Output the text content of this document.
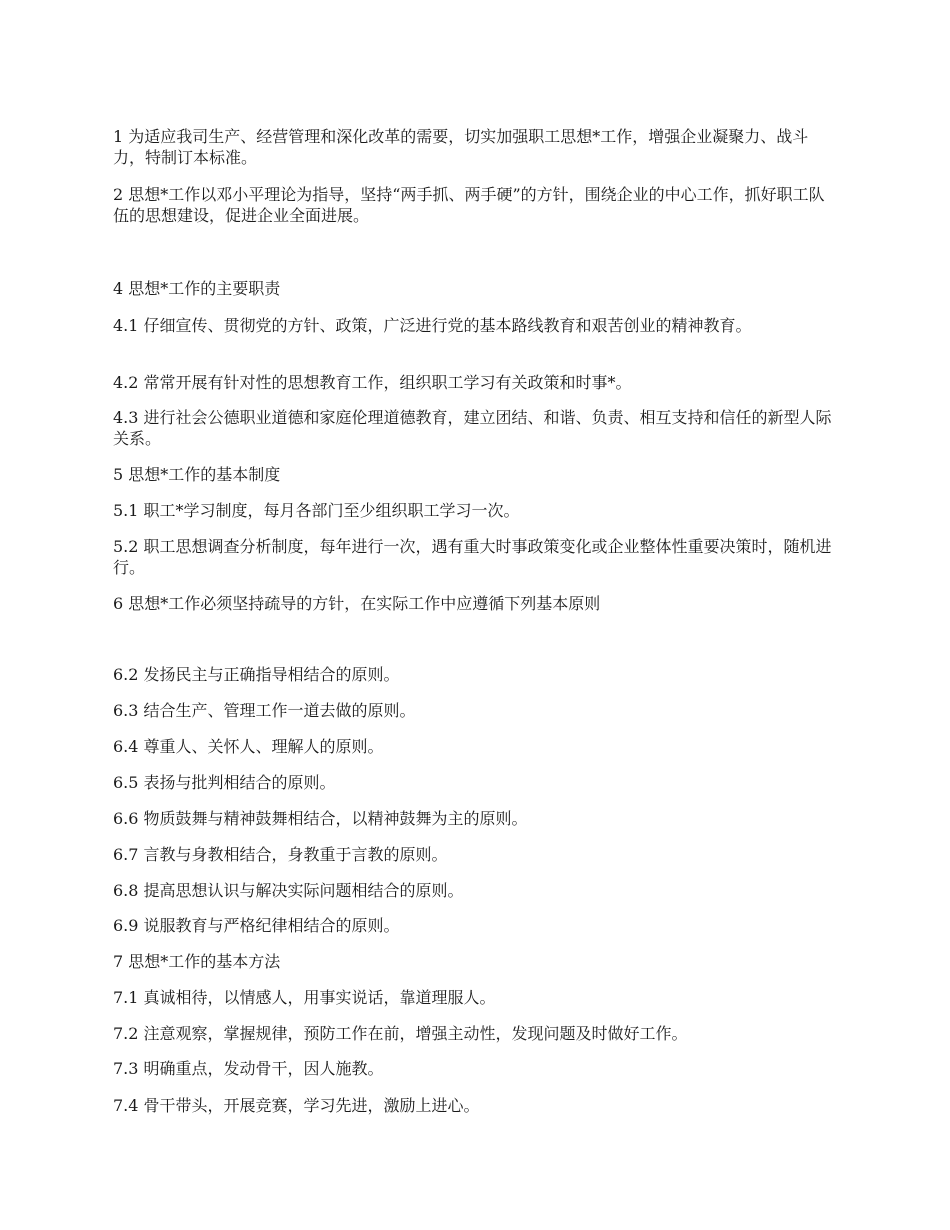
1 为适应我司生产、经营管理和深化改革的需要，切实加强职工思想*工作，增强企业凝聚力、战斗力，特制订本标准。

2 思想*工作以邓小平理论为指导，坚持“两手抓、两手硬”的方针，围绕企业的中心工作，抓好职工队伍的思想建设，促进企业全面进展。

4 思想*工作的主要职责

4.1 仔细宣传、贯彻党的方针、政策，广泛进行党的基本路线教育和艰苦创业的精神教育。

4.2 常常开展有针对性的思想教育工作，组织职工学习有关政策和时事*。

4.3 进行社会公德职业道德和家庭伦理道德教育，建立团结、和谐、负责、相互支持和信任的新型人际关系。

5 思想*工作的基本制度

5.1 职工*学习制度，每月各部门至少组织职工学习一次。

5.2 职工思想调查分析制度，每年进行一次，遇有重大时事政策变化或企业整体性重要决策时，随机进行。

6 思想*工作必须坚持疏导的方针，在实际工作中应遵循下列基本原则

6.2 发扬民主与正确指导相结合的原则。

6.3 结合生产、管理工作一道去做的原则。

6.4 尊重人、关怀人、理解人的原则。

6.5 表扬与批判相结合的原则。

6.6 物质鼓舞与精神鼓舞相结合，以精神鼓舞为主的原则。

6.7 言教与身教相结合，身教重于言教的原则。

6.8 提高思想认识与解决实际问题相结合的原则。

6.9 说服教育与严格纪律相结合的原则。

7 思想*工作的基本方法

7.1 真诚相待，以情感人，用事实说话，靠道理服人。

7.2 注意观察，掌握规律，预防工作在前，增强主动性，发现问题及时做好工作。

7.3 明确重点，发动骨干，因人施教。

7.4 骨干带头，开展竞赛，学习先进，激励上进心。
